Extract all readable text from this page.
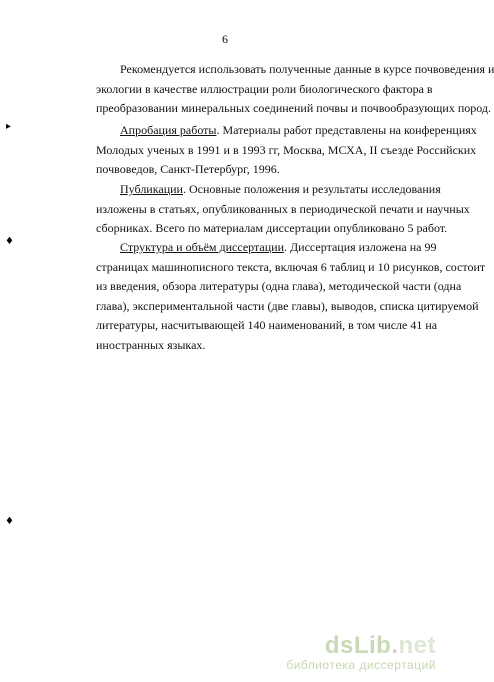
6
▸
♦
♦
Рекомендуется использовать полученные данные в курсе почвоведения и
экологии в качестве иллюстрации роли биологического фактора в
преобразовании минеральных соединений почвы и почвообразующих пород.
Апробация работы. Материалы работ представлены на конференциях
Молодых ученых в 1991 и в 1993 гг, Москва, МСХА, II съезде Российских
почвоведов, Санкт-Петербург, 1996.
Публикации. Основные положения и результаты исследования
изложены в статьях, опубликованных в периодической печати и научных
сборниках. Всего по материалам диссертации опубликовано 5 работ.
Структура и объём диссертации. Диссертация изложена на 99
страницах машинописного текста, включая 6 таблиц и 10 рисунков, состоит
из введения, обзора литературы (одна глава), методической части (одна
глава), экспериментальной части (две главы), выводов, списка цитируемой
литературы, насчитывающей 140 наименований, в том числе 41 на
иностранных языках.
dsLib.net
библиотека диссертаций
